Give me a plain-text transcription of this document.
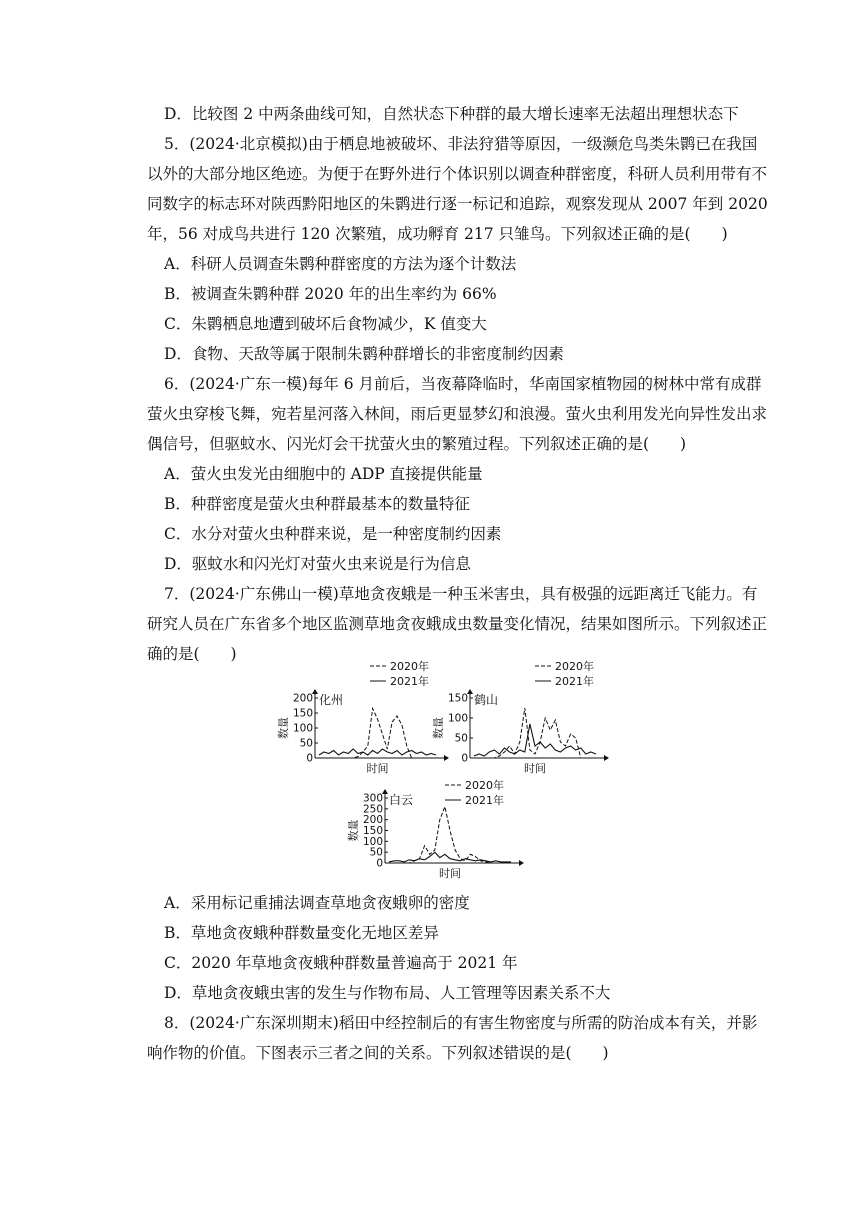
D．比较图 2 中两条曲线可知，自然状态下种群的最大增长速率无法超出理想状态下
5．(2024·北京模拟)由于栖息地被破坏、非法狩猎等原因，一级濒危鸟类朱鹮已在我国
以外的大部分地区绝迹。为便于在野外进行个体识别以调查种群密度，科研人员利用带有不
同数字的标志环对陕西黔阳地区的朱鹮进行逐一标记和追踪，观察发现从 2007 年到 2020
年，56 对成鸟共进行 120 次繁殖，成功孵育 217 只雏鸟。下列叙述正确的是(　　)
A．科研人员调查朱鹮种群密度的方法为逐个计数法
B．被调查朱鹮种群 2020 年的出生率约为 66%
C．朱鹮栖息地遭到破坏后食物减少，K 值变大
D．食物、天敌等属于限制朱鹮种群增长的非密度制约因素
6．(2024·广东一模)每年 6 月前后，当夜幕降临时，华南国家植物园的树林中常有成群
萤火虫穿梭飞舞，宛若星河落入林间，雨后更显梦幻和浪漫。萤火虫利用发光向异性发出求
偶信号，但驱蚊水、闪光灯会干扰萤火虫的繁殖过程。下列叙述正确的是(　　)
A．萤火虫发光由细胞中的 ADP 直接提供能量
B．种群密度是萤火虫种群最基本的数量特征
C．水分对萤火虫种群来说，是一种密度制约因素
D．驱蚊水和闪光灯对萤火虫来说是行为信息
7．(2024·广东佛山一模)草地贪夜蛾是一种玉米害虫，具有极强的远距离迁飞能力。有
研究人员在广东省多个地区监测草地贪夜蛾成虫数量变化情况，结果如图所示。下列叙述正
确的是(　　)
A．采用标记重捕法调查草地贪夜蛾卵的密度
B．草地贪夜蛾种群数量变化无地区差异
C．2020 年草地贪夜蛾种群数量普遍高于 2021 年
D．草地贪夜蛾虫害的发生与作物布局、人工管理等因素关系不大
8．(2024·广东深圳期末)稻田中经控制后的有害生物密度与所需的防治成本有关，并影
响作物的价值。下图表示三者之间的关系。下列叙述错误的是(　　)
0
50
100
150
200
数量
时间
化州
2020年
2021年
0
50
100
150
数量
时间
鹤山
2020年
2021年
0
50
100
150
200
250
300
数量
时间
白云
2020年
2021年
